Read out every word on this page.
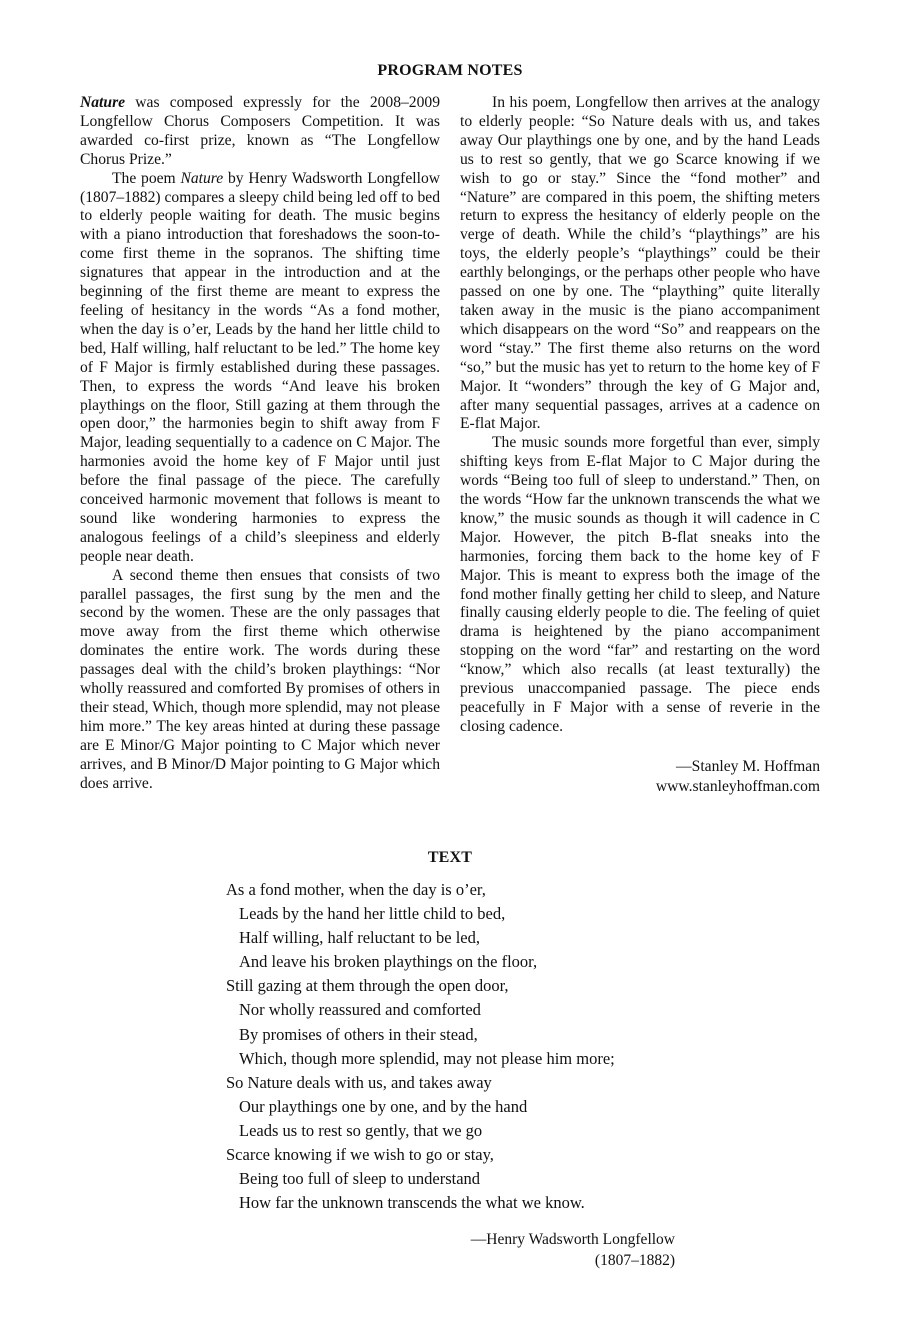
PROGRAM NOTES

Nature was composed expressly for the 2008–2009 Longfellow Chorus Composers Competition. It was awarded co-first prize, known as “The Longfellow Chorus Prize.”

The poem Nature by Henry Wadsworth Longfellow (1807–1882) compares a sleepy child being led off to bed to elderly people waiting for death. The music begins with a piano introduction that foreshadows the soon-to-come first theme in the sopranos. The shifting time signatures that appear in the introduction and at the beginning of the first theme are meant to express the feeling of hesitancy in the words “As a fond mother, when the day is o’er, Leads by the hand her little child to bed, Half willing, half reluctant to be led.” The home key of F Major is firmly established during these passages. Then, to express the words “And leave his broken playthings on the floor, Still gazing at them through the open door,” the harmonies begin to shift away from F Major, leading sequentially to a cadence on C Major. The harmonies avoid the home key of F Major until just before the final passage of the piece. The carefully conceived harmonic movement that follows is meant to sound like wondering harmonies to express the analogous feelings of a child’s sleepiness and elderly people near death.

A second theme then ensues that consists of two parallel passages, the first sung by the men and the second by the women. These are the only passages that move away from the first theme which otherwise dominates the entire work. The words during these passages deal with the child’s broken playthings: “Nor wholly reassured and comforted By promises of others in their stead, Which, though more splendid, may not please him more.” The key areas hinted at during these passage are E Minor/G Major pointing to C Major which never arrives, and B Minor/D Major pointing to G Major which does arrive.

In his poem, Longfellow then arrives at the analogy to elderly people: “So Nature deals with us, and takes away Our playthings one by one, and by the hand Leads us to rest so gently, that we go Scarce knowing if we wish to go or stay.” Since the “fond mother” and “Nature” are compared in this poem, the shifting meters return to express the hesitancy of elderly people on the verge of death. While the child’s “playthings” are his toys, the elderly people’s “playthings” could be their earthly belongings, or the perhaps other people who have passed on one by one. The “plaything” quite literally taken away in the music is the piano accompaniment which disappears on the word “So” and reappears on the word “stay.” The first theme also returns on the word “so,” but the music has yet to return to the home key of F Major. It “wonders” through the key of G Major and, after many sequential passages, arrives at a cadence on E-flat Major.

The music sounds more forgetful than ever, simply shifting keys from E-flat Major to C Major during the words “Being too full of sleep to understand.” Then, on the words “How far the unknown transcends the what we know,” the music sounds as though it will cadence in C Major. However, the pitch B-flat sneaks into the harmonies, forcing them back to the home key of F Major. This is meant to express both the image of the fond mother finally getting her child to sleep, and Nature finally causing elderly people to die. The feeling of quiet drama is heightened by the piano accompaniment stopping on the word “far” and restarting on the word “know,” which also recalls (at least texturally) the previous unaccompanied passage. The piece ends peacefully in F Major with a sense of reverie in the closing cadence.

—Stanley M. Hoffman
www.stanleyhoffman.com
TEXT
As a fond mother, when the day is o’er,
Leads by the hand her little child to bed,
Half willing, half reluctant to be led,
And leave his broken playthings on the floor,
Still gazing at them through the open door,
Nor wholly reassured and comforted
By promises of others in their stead,
Which, though more splendid, may not please him more;
So Nature deals with us, and takes away
Our playthings one by one, and by the hand
Leads us to rest so gently, that we go
Scarce knowing if we wish to go or stay,
Being too full of sleep to understand
How far the unknown transcends the what we know.
—Henry Wadsworth Longfellow
(1807–1882)
